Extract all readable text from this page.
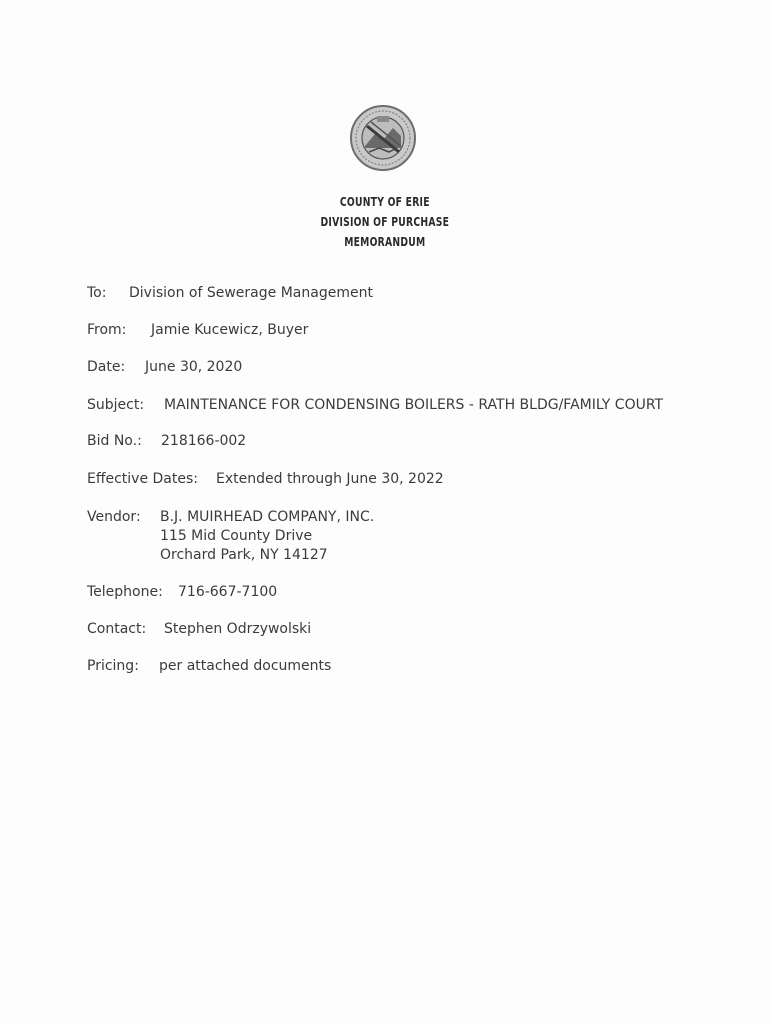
COUNTY OF ERIE
DIVISION OF PURCHASE
MEMORANDUM
To: Division of Sewerage Management
From: Jamie Kucewicz, Buyer
Date: June 30, 2020
Subject: MAINTENANCE FOR CONDENSING BOILERS - RATH BLDG/FAMILY COURT
Bid No.: 218166-002
Effective Dates: Extended through June 30, 2022
Vendor: B.J. MUIRHEAD COMPANY, INC.
115 Mid County Drive
Orchard Park, NY 14127
Telephone: 716-667-7100
Contact: Stephen Odrzywolski
Pricing: per attached documents
